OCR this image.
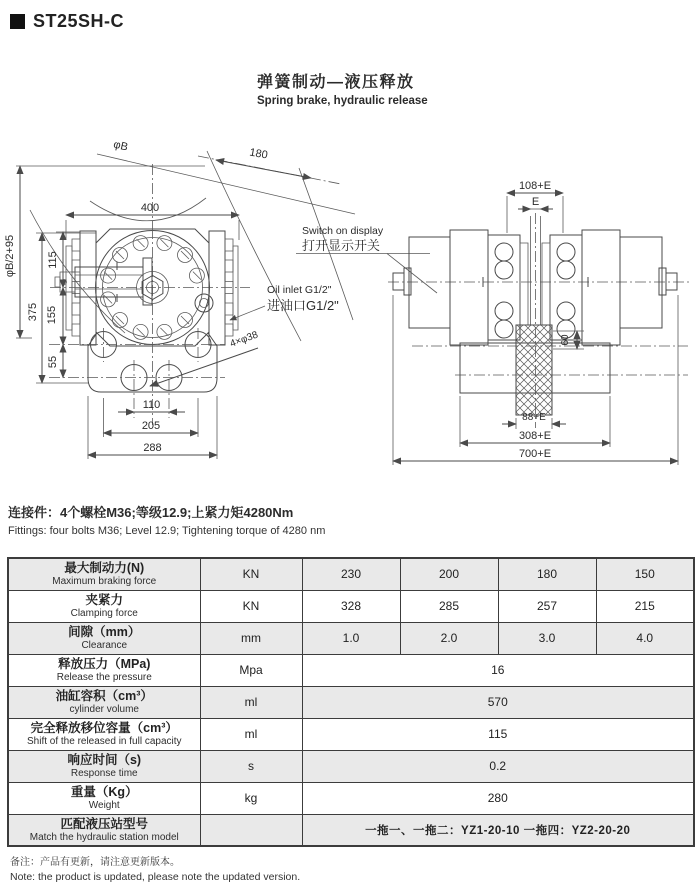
ST25SH-C
弹簧制动—液压释放
Spring brake, hydraulic release
φB
180
400
φB/2+95
375
115
155
55
110
205
288
4×φ38
Switch on display
打开显示开关
Oil inlet G1/2"
进油口G1/2"
108+E
E
60
88+E
308+E
700+E
连接件：4个螺栓M36;等级12.9;上紧力矩4280Nm
Fittings: four bolts M36; Level 12.9; Tightening torque of 4280 nm
最大制动力(N)
Maximum braking force	KN	230	200	180	150

夹紧力
Clamping force	KN	328	285	257	215

间隙（mm）
Clearance	mm	1.0	2.0	3.0	4.0

释放压力（MPa)
Release the pressure	Mpa	16			

油缸容积（cm³）
cylinder volume	ml	570			

完全释放移位容量（cm³）
Shift of the released in full capacity	ml	115			

响应时间（s)
Response time	s	0.2			

重量（Kg）
Weight	kg	280			

匹配液压站型号
Match the hydraulic station model		一拖一、一拖二：YZ1-20-10 一拖四：YZ2-20-20			
备注：产品有更新，请注意更新版本。
Note: the product is updated, please note the updated version.
